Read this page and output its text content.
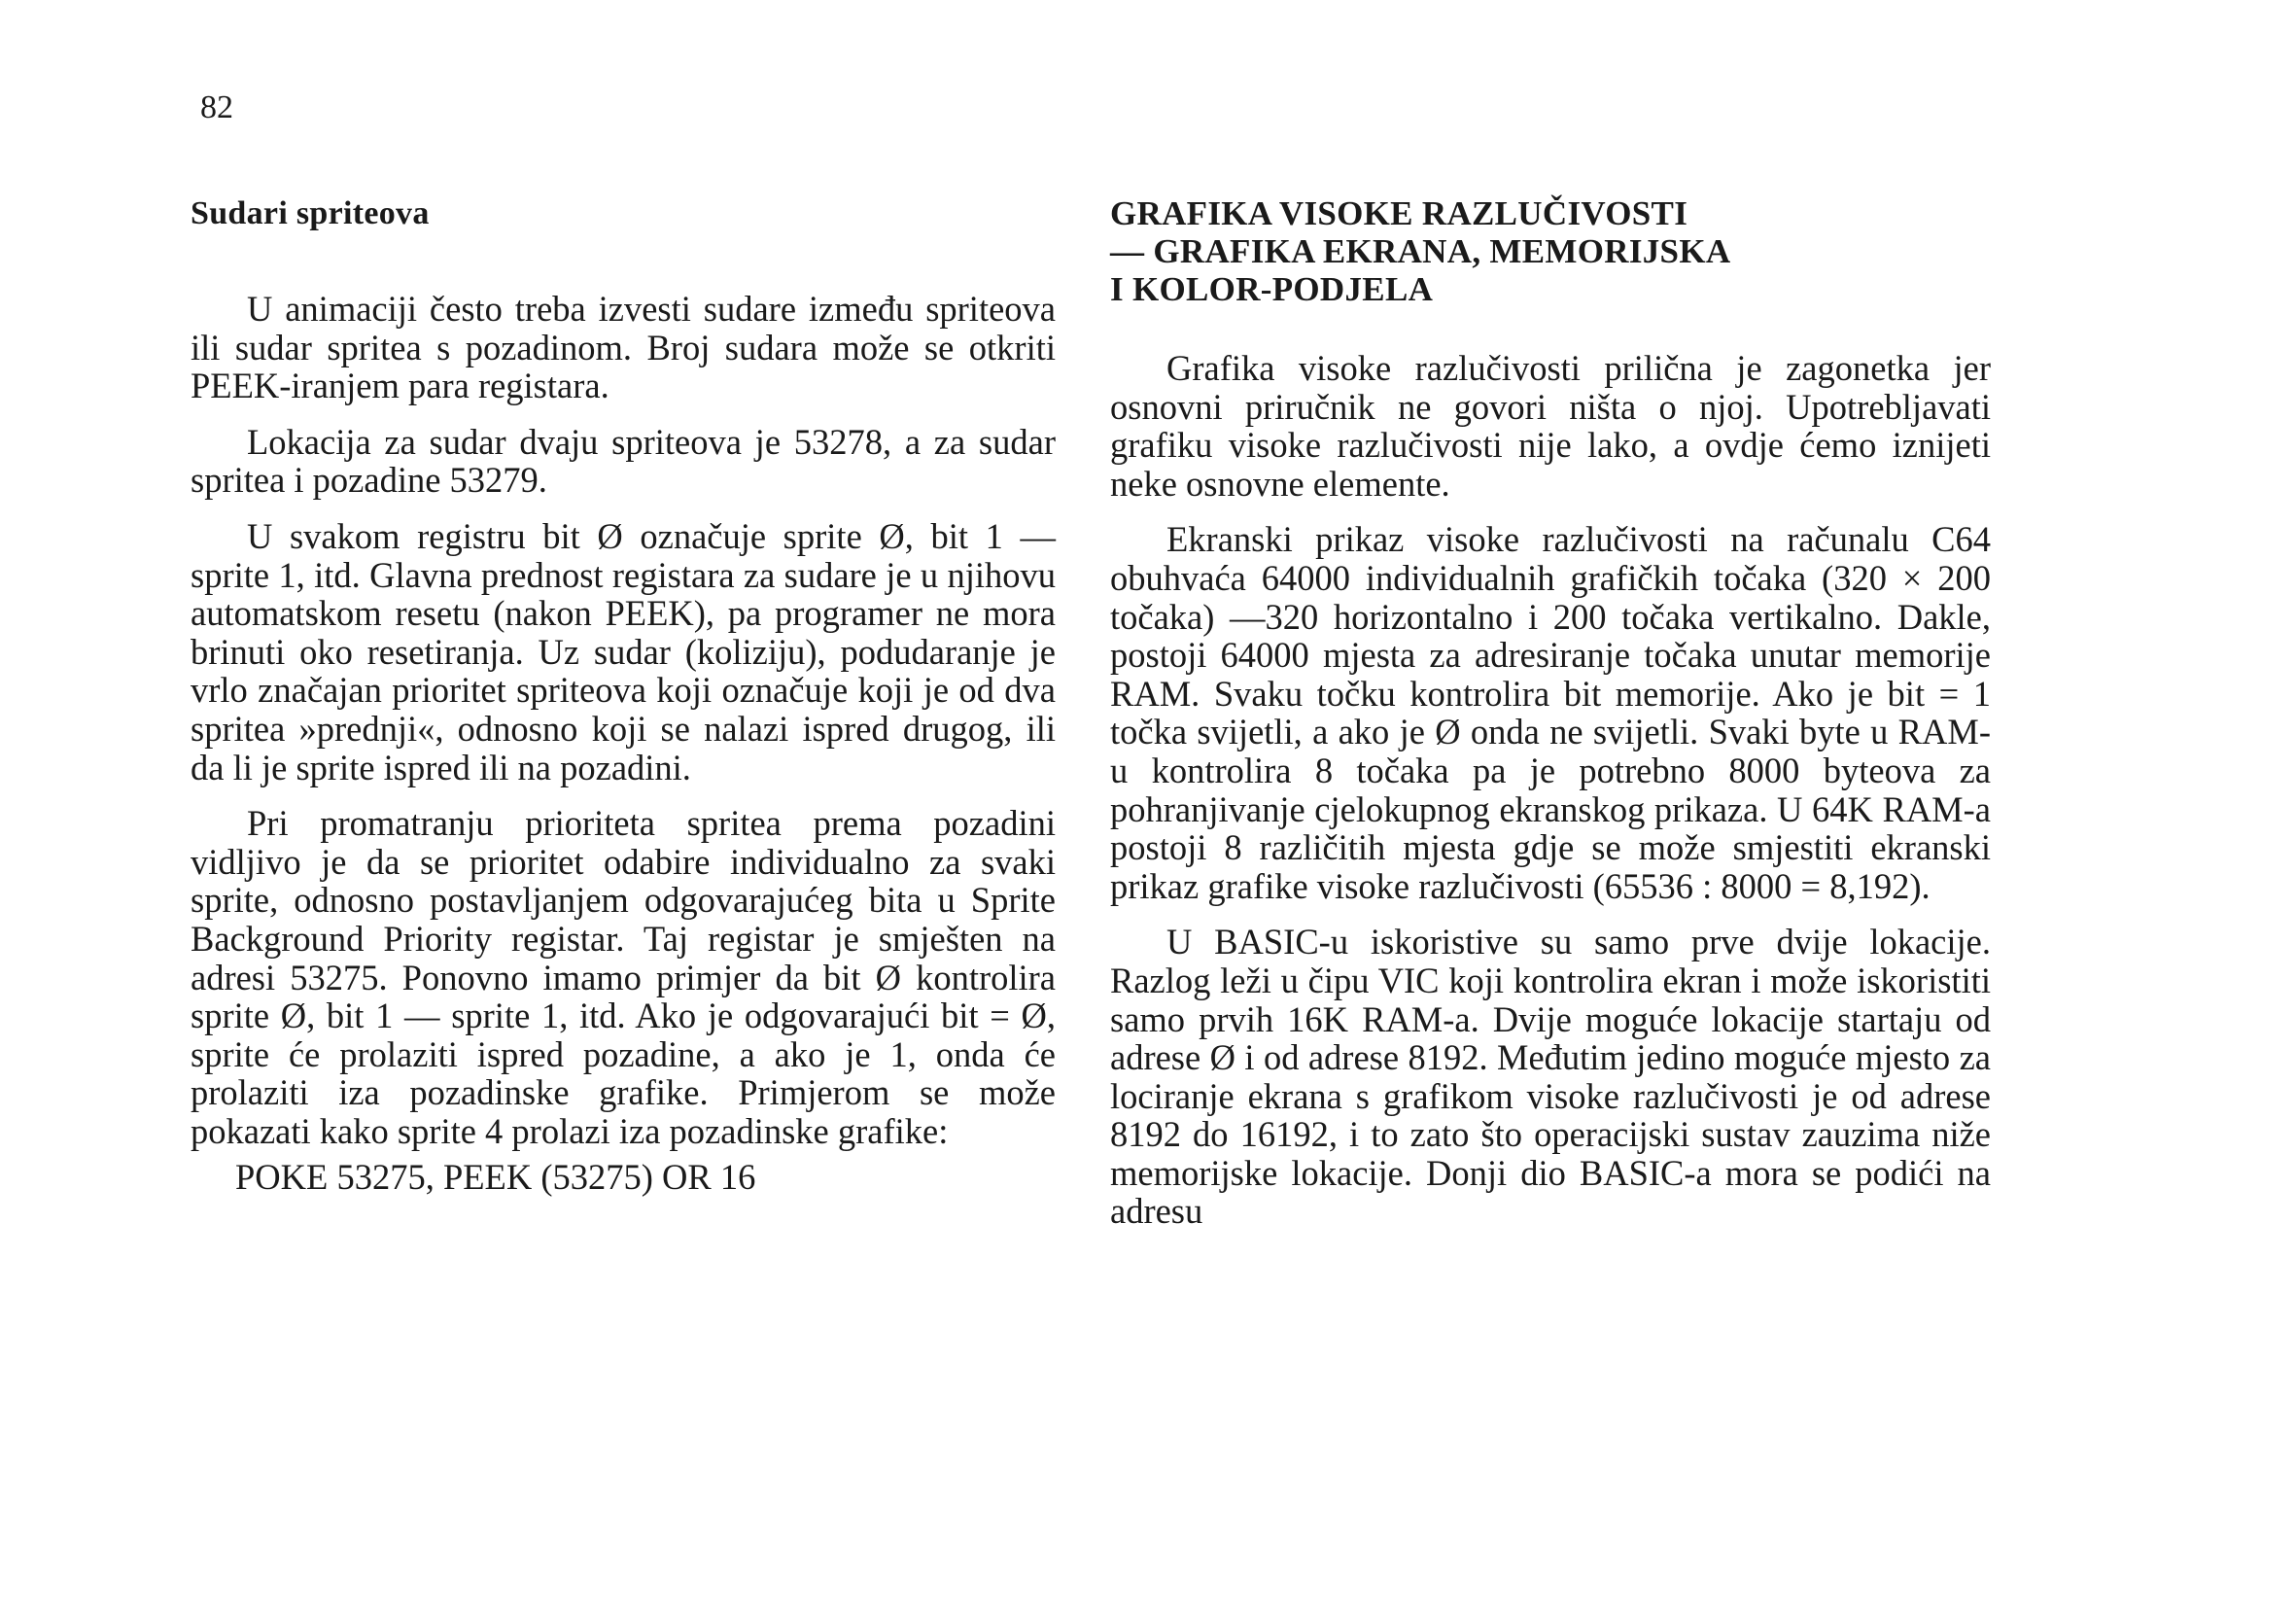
82
Sudari spriteova

U animaciji često treba izvesti sudare između spriteova ili sudar spritea s pozadinom. Broj sudara može se otkriti PEEK-iranjem para registara.

Lokacija za sudar dvaju spriteova je 53278, a za sudar spritea i pozadine 53279.

U svakom registru bit Ø označuje sprite Ø, bit 1 — sprite 1, itd. Glavna prednost registara za sudare je u njihovu automatskom resetu (nakon PEEK), pa programer ne mora brinuti oko resetiranja. Uz sudar (koliziju), podudaranje je vrlo značajan prioritet spriteova koji označuje koji je od dva spritea »prednji«, odnosno koji se nalazi ispred drugog, ili da li je sprite ispred ili na pozadini.

Pri promatranju prioriteta spritea prema pozadini vidljivo je da se prioritet odabire individualno za svaki sprite, odnosno postavljanjem odgovarajućeg bita u Sprite Background Priority registar. Taj registar je smješten na adresi 53275. Ponovno imamo primjer da bit Ø kontrolira sprite Ø, bit 1 — sprite 1, itd. Ako je odgovarajući bit = Ø, sprite će prolaziti ispred pozadine, a ako je 1, onda će prolaziti iza pozadinske grafike. Primjerom se može pokazati kako sprite 4 prolazi iza pozadinske grafike:

POKE 53275, PEEK (53275) OR 16

GRAFIKA VISOKE RAZLUČIVOSTI
— GRAFIKA EKRANA, MEMORIJSKA
I KOLOR-PODJELA

Grafika visoke razlučivosti prilična je zagonetka jer osnovni priručnik ne govori ništa o njoj. Upotrebljavati grafiku visoke razlučivosti nije lako, a ovdje ćemo iznijeti neke osnovne elemente.

Ekranski prikaz visoke razlučivosti na računalu C64 obuhvaća 64000 individualnih grafičkih točaka (320 × 200 točaka) —320 horizontalno i 200 točaka vertikalno. Dakle, postoji 64000 mjesta za adresiranje točaka unutar memorije RAM. Svaku točku kontrolira bit memorije. Ako je bit = 1 točka svijetli, a ako je Ø onda ne svijetli. Svaki byte u RAM-u kontrolira 8 točaka pa je potrebno 8000 byteova za pohranjivanje cjelokupnog ekranskog prikaza. U 64K RAM-a postoji 8 različitih mjesta gdje se može smjestiti ekranski prikaz grafike visoke razlučivosti (65536 : 8000 = 8,192).

U BASIC-u iskoristive su samo prve dvije lokacije. Razlog leži u čipu VIC koji kontrolira ekran i može iskoristiti samo prvih 16K RAM-a. Dvije moguće lokacije startaju od adrese Ø i od adrese 8192. Međutim jedino moguće mjesto za lociranje ekrana s grafikom visoke razlučivosti je od adrese 8192 do 16192, i to zato što operacijski sustav zauzima niže memorijske lokacije. Donji dio BASIC-a mora se podići na adresu
